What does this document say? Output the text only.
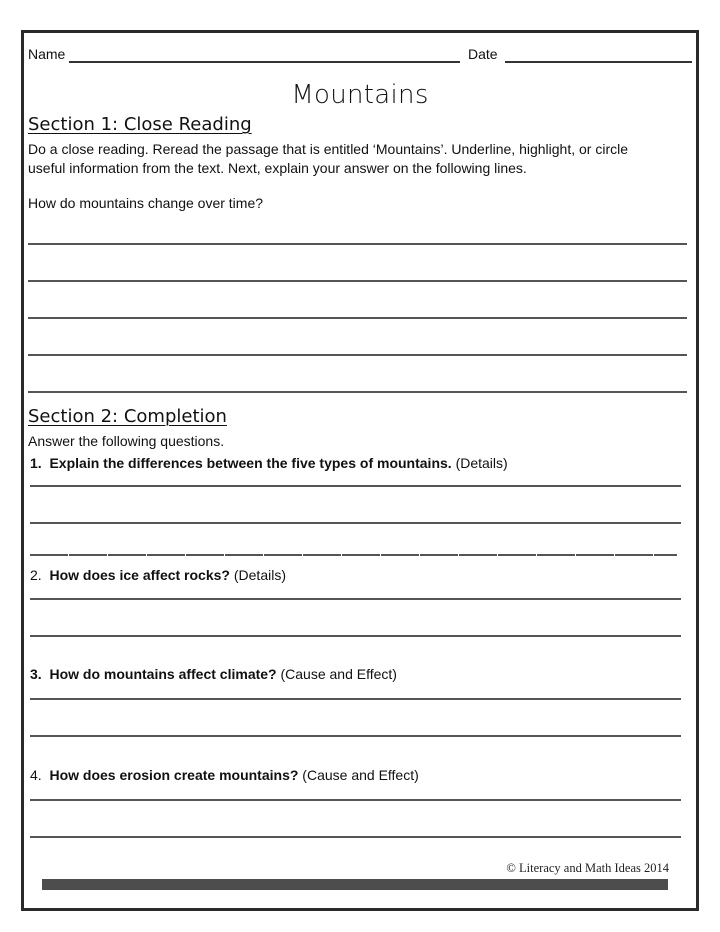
Name	Date
Mountains
Section 1: Close Reading
Do a close reading. Reread the passage that is entitled ‘Mountains’. Underline, highlight, or circle
useful information from the text. Next, explain your answer on the following lines.
How do mountains change over time?
Section 2: Completion
Answer the following questions.
1. Explain the differences between the five types of mountains. (Details)
2. How does ice affect rocks? (Details)
3. How do mountains affect climate? (Cause and Effect)
4. How does erosion create mountains? (Cause and Effect)
© Literacy and Math Ideas 2014
